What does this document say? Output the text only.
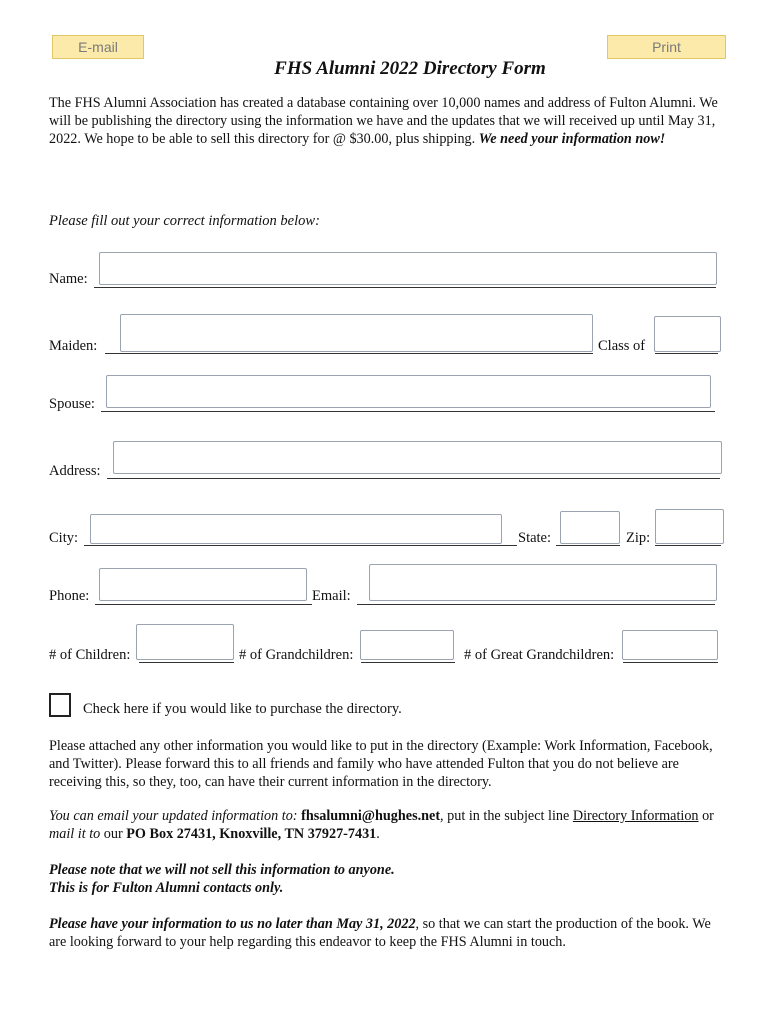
E-mail	Print
FHS Alumni 2022 Directory Form
The FHS Alumni Association has created a database containing over 10,000 names and address of Fulton Alumni. We will be publishing the directory using the information we have and the updates that we will received up until May 31, 2022. We hope to be able to sell this directory for @ $30.00, plus shipping. We need your information now!
Please fill out your correct information below:
Name:
Maiden:	Class of
Spouse:
Address:
City:	State:	Zip:
Phone:	Email:
# of Children:	# of Grandchildren:	# of Great Grandchildren:
Check here if you would like to purchase the directory.
Please attached any other information you would like to put in the directory (Example: Work Information, Facebook, and Twitter). Please forward this to all friends and family who have attended Fulton that you do not believe are receiving this, so they, too, can have their current information in the directory.
You can email your updated information to: fhsalumni@hughes.net, put in the subject line Directory Information or mail it to our PO Box 27431, Knoxville, TN 37927-7431.
Please note that we will not sell this information to anyone.
This is for Fulton Alumni contacts only.
Please have your information to us no later than May 31, 2022, so that we can start the production of the book. We are looking forward to your help regarding this endeavor to keep the FHS Alumni in touch.
